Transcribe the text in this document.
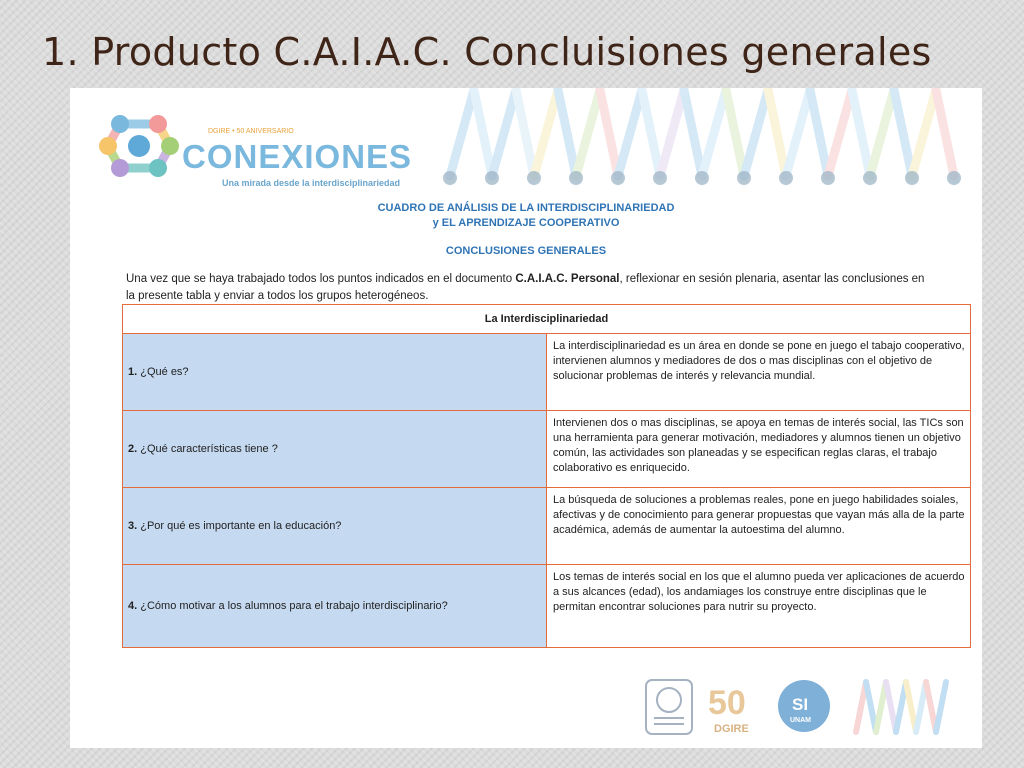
1. Producto C.A.I.A.C. Concluisiones generales
DGIRE • 50 ANIVERSARIO
CONEXIONES
Una mirada desde la interdisciplinariedad
CUADRO DE ANÁLISIS DE LA INTERDISCIPLINARIEDAD
y EL APRENDIZAJE COOPERATIVO
CONCLUSIONES GENERALES
Una vez que se haya trabajado todos los puntos indicados en el documento C.A.I.A.C. Personal, reflexionar en sesión plenaria, asentar las conclusiones en la presente tabla y enviar a todos los grupos heterogéneos.
La Interdisciplinariedad	
1. ¿Qué es?	La interdisciplinariedad es un área en donde se pone en juego el tabajo cooperativo, intervienen alumnos y mediadores de dos o mas disciplinas con el objetivo de solucionar problemas de interés y relevancia mundial.
2. ¿Qué características tiene ?	Intervienen dos o mas disciplinas, se apoya en temas de interés social, las TICs son una herramienta para generar motivación, mediadores y alumnos tienen un objetivo común, las actividades son planeadas y se especifican reglas claras, el trabajo colaborativo es enriquecido.
3. ¿Por qué es importante en la educación?	La búsqueda de soluciones a problemas reales, pone en juego habilidades soiales, afectivas y de conocimiento para generar propuestas que vayan más alla de la parte académica, además de aumentar la autoestima del alumno.
4. ¿Cómo motivar a los alumnos para el trabajo interdisciplinario?	Los temas de interés social en los que el alumno pueda ver aplicaciones de acuerdo a sus alcances (edad), los andamiages los construye entre disciplinas que le permitan encontrar soluciones para nutrir su proyecto.
50
DGIRE
SI
UNAM
